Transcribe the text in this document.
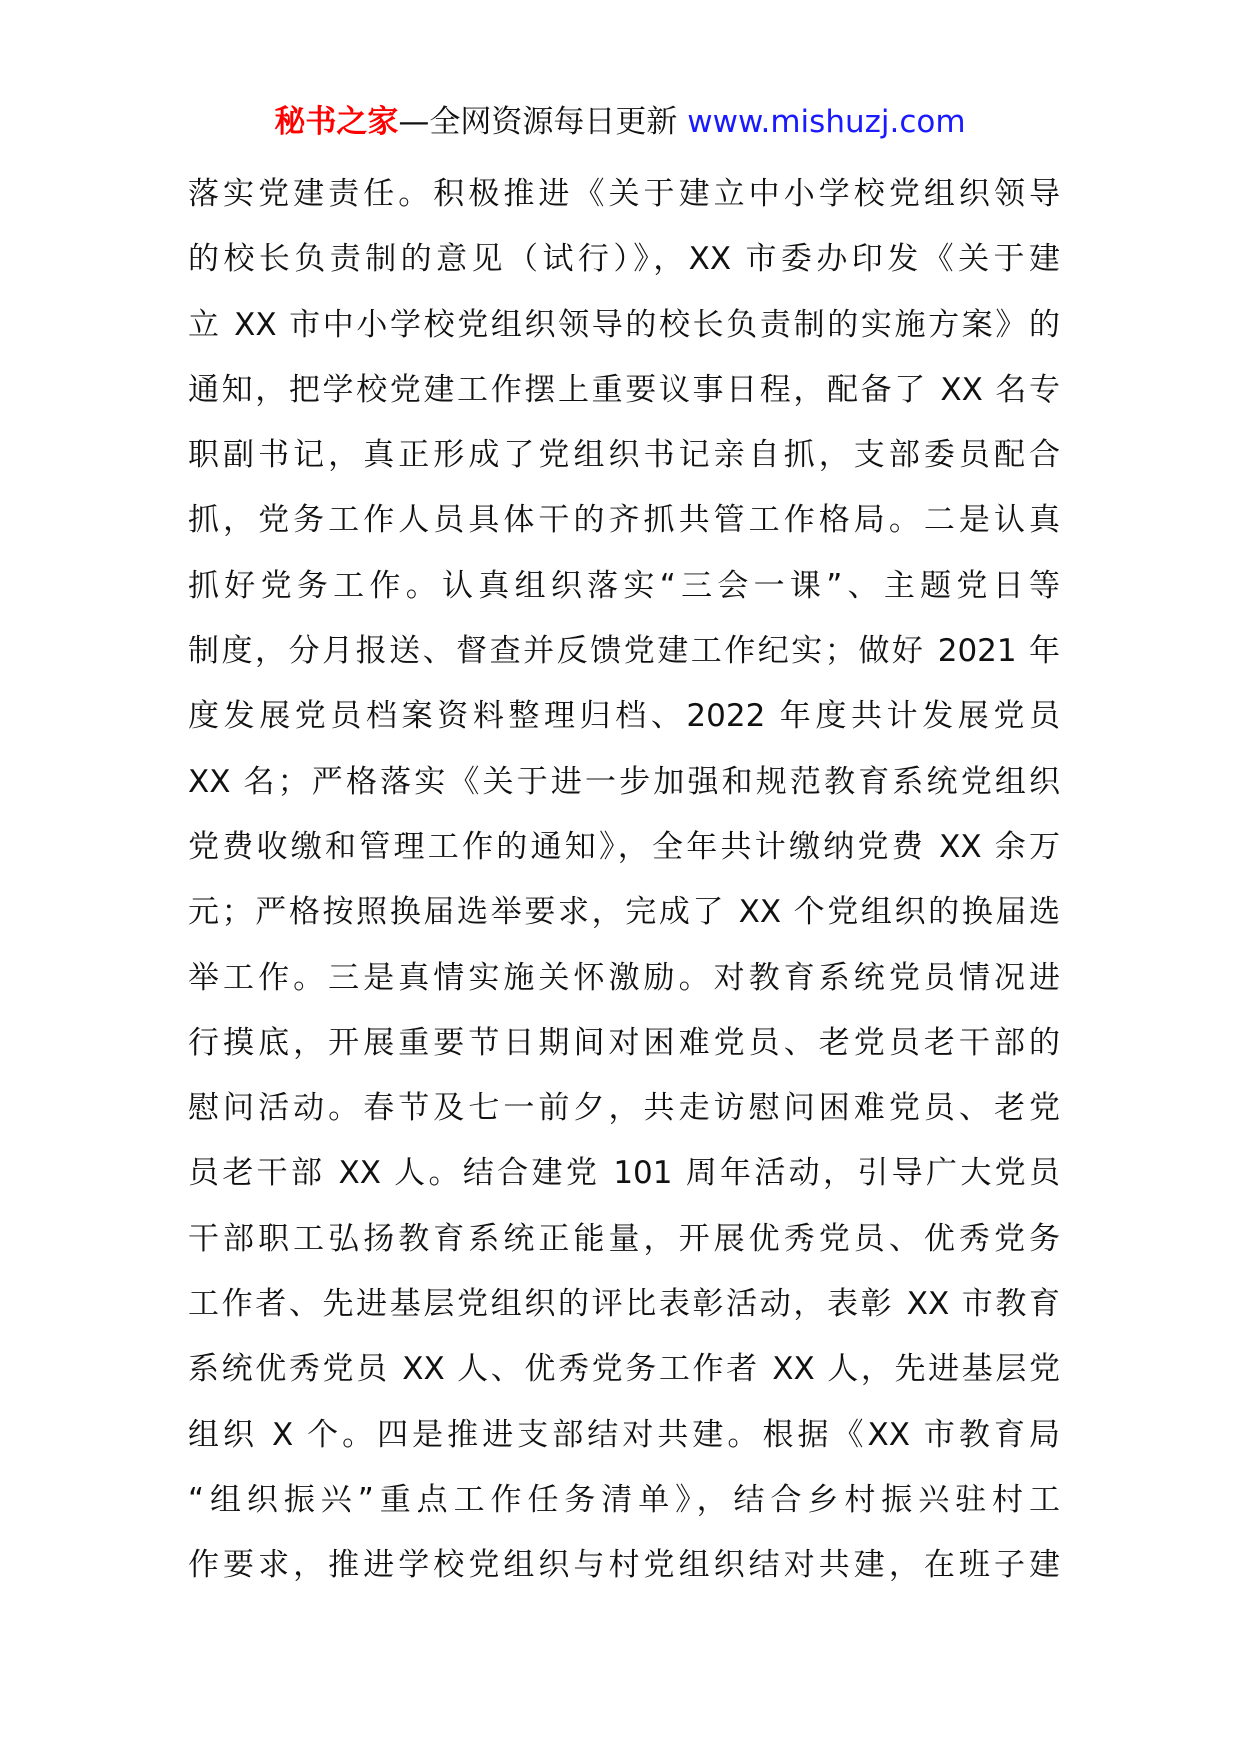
秘书之家—全网资源每日更新 www.mishuzj.com
落实党建责任。积极推进《关于建立中小学校党组织领导
的校长负责制的意见（试行）》，XX 市委办印发《关于建
立 XX 市中小学校党组织领导的校长负责制的实施方案》的
通知，把学校党建工作摆上重要议事日程，配备了 XX 名专
职副书记，真正形成了党组织书记亲自抓，支部委员配合
抓，党务工作人员具体干的齐抓共管工作格局。二是认真
抓好党务工作。认真组织落实“三会一课”、主题党日等
制度，分月报送、督查并反馈党建工作纪实；做好 2021 年
度发展党员档案资料整理归档、2022 年度共计发展党员
XX 名；严格落实《关于进一步加强和规范教育系统党组织
党费收缴和管理工作的通知》，全年共计缴纳党费 XX 余万
元；严格按照换届选举要求，完成了 XX 个党组织的换届选
举工作。三是真情实施关怀激励。对教育系统党员情况进
行摸底，开展重要节日期间对困难党员、老党员老干部的
慰问活动。春节及七一前夕，共走访慰问困难党员、老党
员老干部 XX 人。结合建党 101 周年活动，引导广大党员
干部职工弘扬教育系统正能量，开展优秀党员、优秀党务
工作者、先进基层党组织的评比表彰活动，表彰 XX 市教育
系统优秀党员 XX 人、优秀党务工作者 XX 人，先进基层党
组织 X 个。四是推进支部结对共建。根据《XX 市教育局
“组织振兴”重点工作任务清单》，结合乡村振兴驻村工
作要求，推进学校党组织与村党组织结对共建，在班子建
